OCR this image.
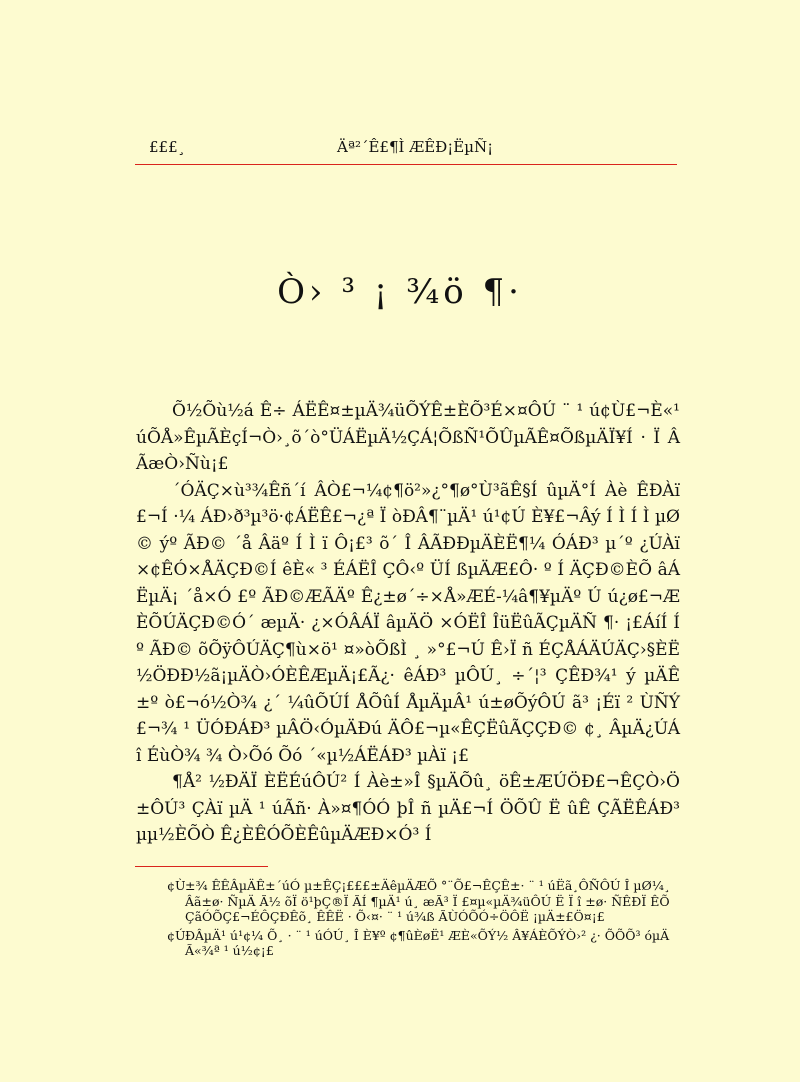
£££¸	Äª²´Ê£¶Ì ÆÊÐ¡ËµÑ¡
Ò› ³ ¡ ¾ö ¶·

Õ½Õù½á Ê÷ ÁËÊ¤±µÄ¾üÕÝÊ±ÈÕ³É×¤ÔÚ ¨ ¹ ú¢Ù£¬È«¹ úÕÅ»ÊµÃÈçÍ¬Ò›¸õ´ò°ÜÁËµÄ½ÇÁ¦ÕßÑ¹ÕÛµÃÊ¤ÕßµÄÏ¥Í · Ï ÂÃæÒ›Ñù¡£

´ÓÄÇ×ù³¾Êñ´í ÂÒ£¬¼¢¶ö²»¿°¶ø°Ù³ãÊ§Í ûµÄ°Í Àè ÊÐÀï £¬Í ·¼ ÁÐ›ð³µ³ö·¢ÁËÊ£¬¿ª Ï òÐÂ¶¨µÄ¹ ú¹¢Ú È¥£¬Âý Í Ì Í Ì µØ © ýº ÃÐ© ´å Âäº Í Ì ï Ô¡£³ õ´ Î ÂÃÐÐµÄÈË¶¼ ÓÁÐ³ µ´º ¿ÚÀï ×¢ÊÓ×ÅÄÇÐ©Í êÈ« ³ ÉÁËÎ ÇÔ‹º ÜÍ ßµÄÆ£Ô· º Í ÄÇÐ©ÈÕ âÁËµÄ¡ ´å×Ó £º ÃÐ©ÆÃÄº Ê¿±ø´÷×Å»ÆÉ‐¼â¶¥µÄº Ú ú¿ø£¬ÆÈÕÚÄÇÐ©Ó´ æµÄ· ¿×ÓÂÁÏ âµÄÖ ×ÓËÎ ÎüËûÃÇµÄÑ ¶· ¡£ÁíÍ Íº ÃÐ© õÕÿÔÚÄÇ¶ù×ö¹ ¤»òÕßÌ ¸ »°£¬Ú Ê›Ï ñ ÉÇÅÁÄÚÄÇ›§ÈË½ÖÐÐ½ã¡µÄÒ›ÓÈÊÆµÄ¡£Ã¿· êÁÐ³ µÔÚ¸ ÷´¦³ ÇÊÐ¾¹ ý µÄÊ±º ò£¬ó½Ò¾ ¿´ ¼ûÕÚÍ ÅÕûÍ ÅµÄµÂ¹ ú±øÕýÔÚ ã³ ¡Éï ² ÙÑÝ£¬¾ ¹ ÜÓÐÁÐ³ µÂÖ‹ÓµÄÐú ÄÔ£¬µ«ÊÇËûÃÇÇÐ© ¢¸ ÂµÄ¿ÚÁî ÉùÒ¾ ¾ Ò›Õó Õó ´«µ½ÁËÁÐ³ µÀï ¡£

¶Å² ½ÐÄÏ ÈËÉúÔÚ² Í Àè±»Î §µÄÕû¸ öÊ±ÆÚÖÐ£¬ÊÇÒ›Ö±ÔÚ³ ÇÀï µÄ ¹ úÃñ· À»¤¶ÓÓ þÎ ñ µÄ£¬Í ÖÕÛ Ë ûÊ ÇÃËÊÁÐ³ µµ½ÈÕÒ Ê¿ÈÊÓÕÈÊûµÄÆÐ×Ó³ Í

¢Ù ±¾ ÊÊÂµÄÊ±´úÓ µ±ÊÇ¡£££±ÄêµÄÆÕ °¨Õ£¬ÊÇÊ±· ¨ ¹ úËã¸ÔÑÔÚ Î µØ¼¸Âã±ø· ÑµÄ Ã½ õÏ ö¹þÇ®Ï ÃÍ ¶µÄ¹ ú¸ æÃ³ Ï £¤µ«µÄ¾üÔÚ Ë Ï î ±ø· ÑÊÐÏ ÊÕÇãÓÕÇ£¬ÉÔÇÐÊõ¸ ÊÊË · Õ‹¤· ¨ ¹ ú¾ß ÃÙÓÕÓ÷ÖÔË ¡µÄ±£Ö¤¡£
¢Ú ÐÂµÄ¹ ú¹¢¼ Õ¸ · ¨ ¹ úÓÚ¸ Î È¥º ¢¶ûÈøË¹ ÆÈ«ÕÝ½ Â¥ÁÈÕÝÒ›² ¿· ÕÕÕ³ óµÄÃ«¾ª ¹ ú½¢¡£
